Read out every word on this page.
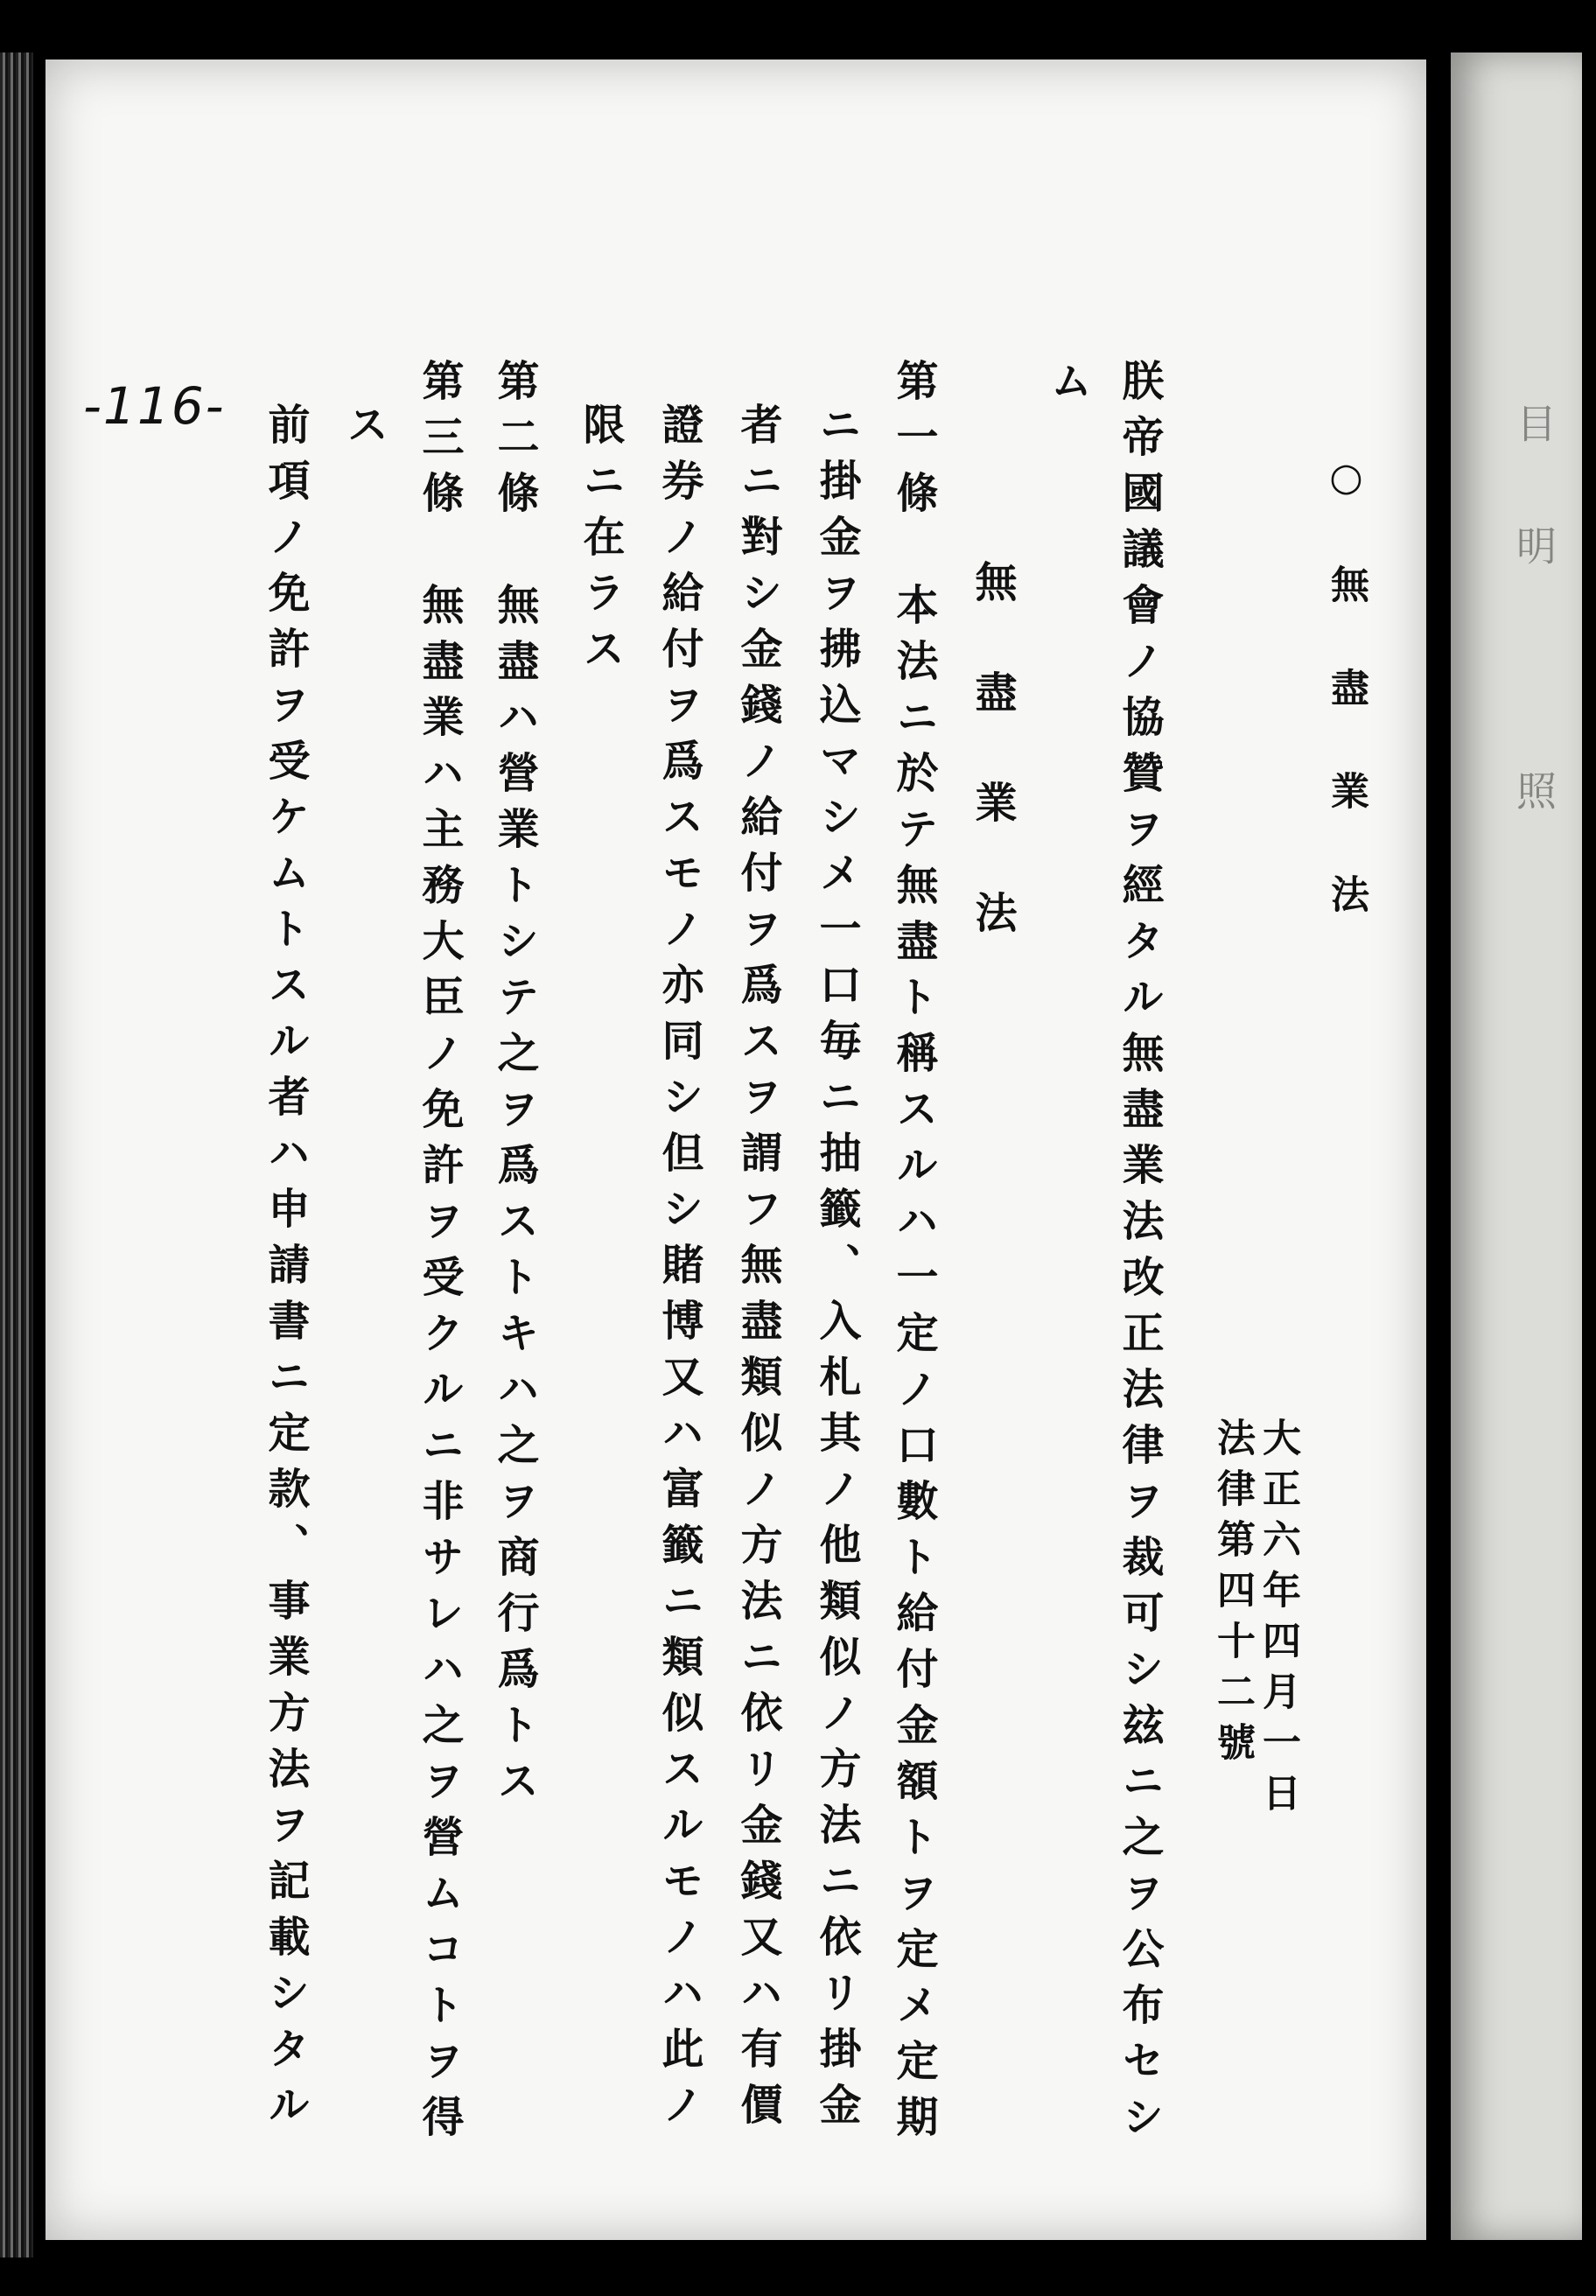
目
明
照
-116-
大正六年四月一日
法律第四十二號
○無盡業法
朕帝國議會ノ協贊ヲ經タル無盡業法改正法律ヲ裁可シ玆ニ之ヲ公布セシ
ム
無盡業法
第一條　本法ニ於テ無盡ト稱スルハ一定ノ口數ト給付金額トヲ定メ定期
ニ掛金ヲ拂込マシメ一口毎ニ抽籤、入札其ノ他類似ノ方法ニ依リ掛金
者ニ對シ金錢ノ給付ヲ爲スヲ謂フ無盡類似ノ方法ニ依リ金錢又ハ有價
證券ノ給付ヲ爲スモノ亦同シ但シ賭博又ハ富籤ニ類似スルモノハ此ノ
限ニ在ラス
第二條　無盡ハ營業トシテ之ヲ爲ストキハ之ヲ商行爲トス
第三條　無盡業ハ主務大臣ノ免許ヲ受クルニ非サレハ之ヲ營ムコトヲ得
ス
前項ノ免許ヲ受ケムトスル者ハ申請書ニ定款、事業方法ヲ記載シタル
